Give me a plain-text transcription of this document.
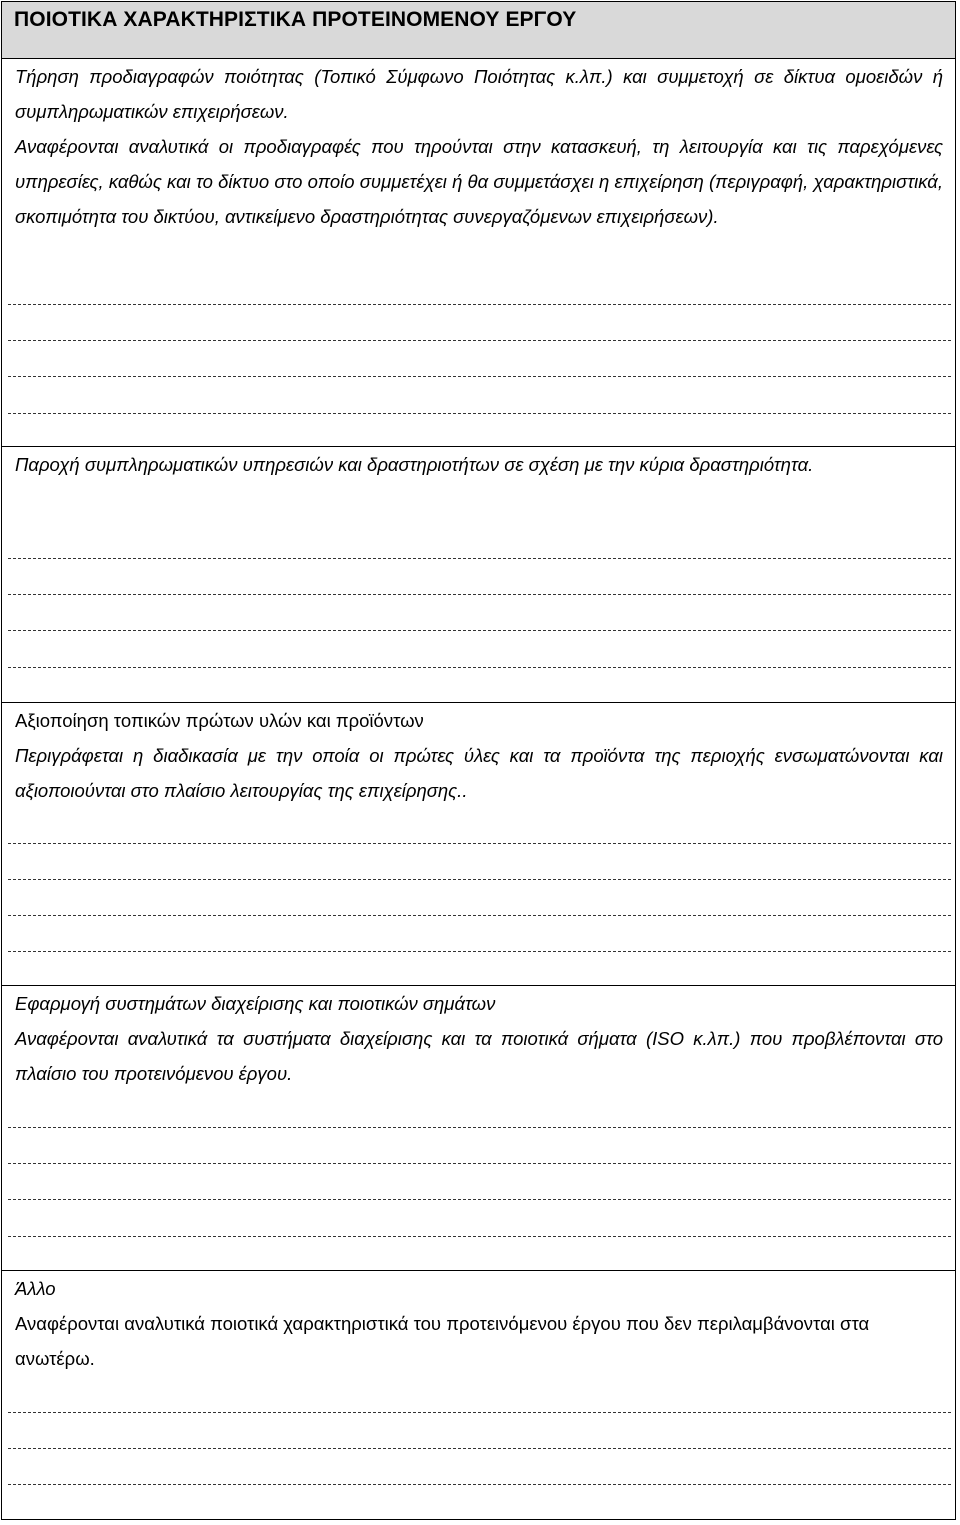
ΠΟΙΟΤΙΚΑ ΧΑΡΑΚΤΗΡΙΣΤΙΚΑ ΠΡΟΤΕΙΝΟΜΕΝΟΥ ΕΡΓΟΥ
Τήρηση προδιαγραφών ποιότητας (Τοπικό Σύμφωνο Ποιότητας κ.λπ.) και συμμετοχή σε δίκτυα ομοειδών ή συμπληρωματικών επιχειρήσεων.
Αναφέρονται αναλυτικά οι προδιαγραφές που τηρούνται στην κατασκευή, τη λειτουργία και τις παρεχόμενες υπηρεσίες, καθώς και το δίκτυο στο οποίο συμμετέχει ή θα συμμετάσχει η επιχείρηση (περιγραφή, χαρακτηριστικά, σκοπιμότητα του δικτύου, αντικείμενο δραστηριότητας συνεργαζόμενων επιχειρήσεων).
Παροχή συμπληρωματικών υπηρεσιών και δραστηριοτήτων σε σχέση με την κύρια δραστηριότητα.
Αξιοποίηση τοπικών πρώτων υλών και προϊόντων
Περιγράφεται η διαδικασία με την οποία οι πρώτες ύλες και τα προϊόντα της περιοχής ενσωματώνονται και αξιοποιούνται στο πλαίσιο λειτουργίας της επιχείρησης..
Εφαρμογή συστημάτων διαχείρισης και ποιοτικών σημάτων
Αναφέρονται αναλυτικά τα συστήματα διαχείρισης και τα ποιοτικά σήματα (ISO κ.λπ.) που προβλέπονται στο πλαίσιο του προτεινόμενου έργου.
Άλλο
Αναφέρονται αναλυτικά ποιοτικά χαρακτηριστικά του προτεινόμενου έργου που δεν περιλαμβάνονται στα ανωτέρω.
